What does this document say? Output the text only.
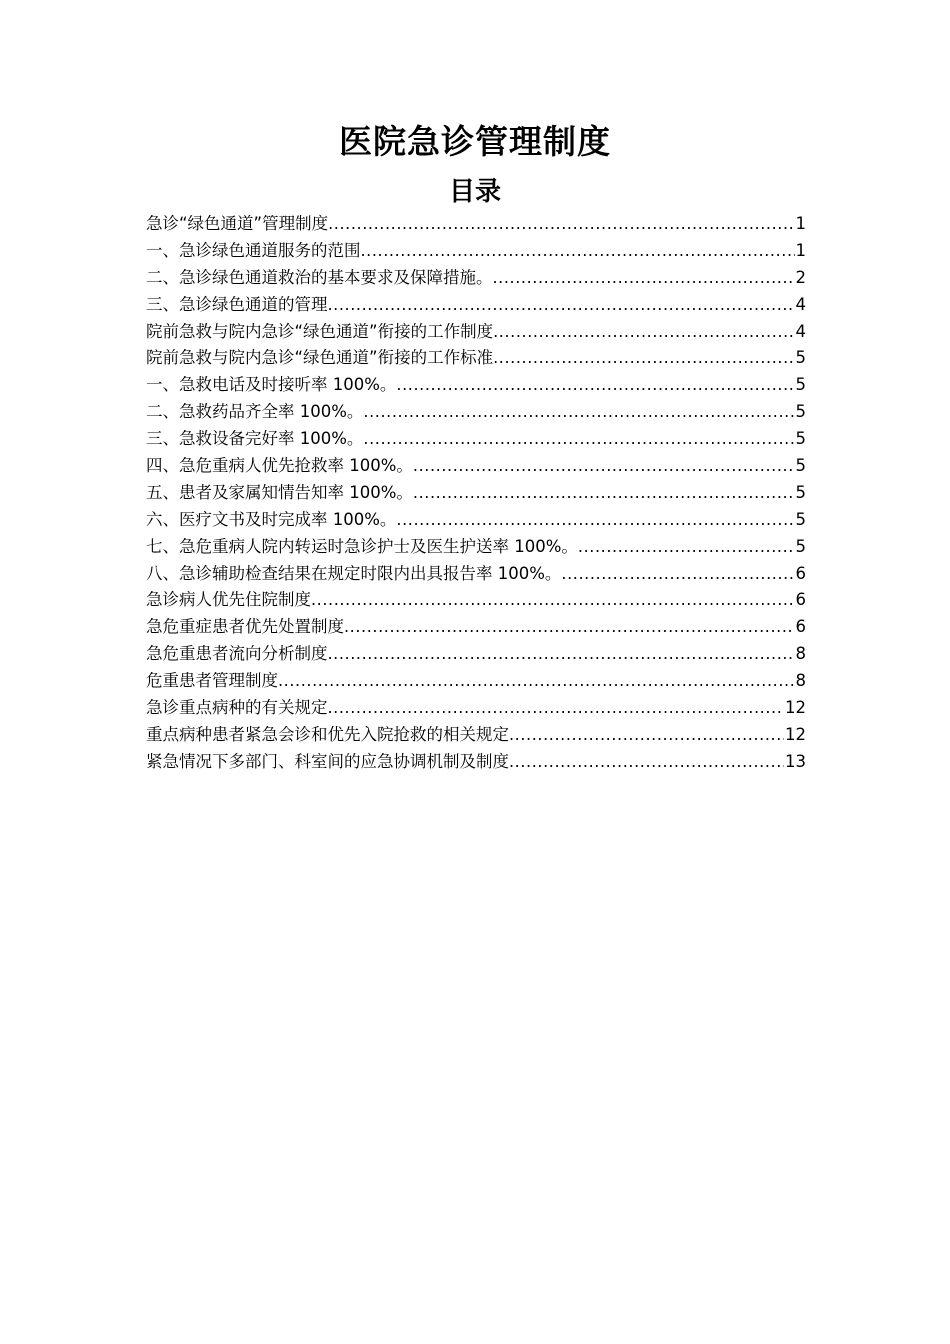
医院急诊管理制度
目录
急诊“绿色通道”管理制度 .....	1
一、急诊绿色通道服务的范围 .....	1
二、急诊绿色通道救治的基本要求及保障措施。 .....	2
三、急诊绿色通道的管理 .....	4
院前急救与院内急诊“绿色通道”衔接的工作制度 .....	4
院前急救与院内急诊“绿色通道”衔接的工作标准 .....	5
一、急救电话及时接听率 100%。 .....	5
二、急救药品齐全率 100%。 .....	5
三、急救设备完好率 100%。 .....	5
四、急危重病人优先抢救率 100%。 .....	5
五、患者及家属知情告知率 100%。 .....	5
六、医疗文书及时完成率 100%。 .....	5
七、急危重病人院内转运时急诊护士及医生护送率 100%。 .....	5
八、急诊辅助检查结果在规定时限内出具报告率 100%。 .....	6
急诊病人优先住院制度 .....	6
急危重症患者优先处置制度 .....	6
急危重患者流向分析制度 .....	8
危重患者管理制度 .....	8
急诊重点病种的有关规定 .....	12
重点病种患者紧急会诊和优先入院抢救的相关规定 .....	12
紧急情况下多部门、科室间的应急协调机制及制度 .....	13
